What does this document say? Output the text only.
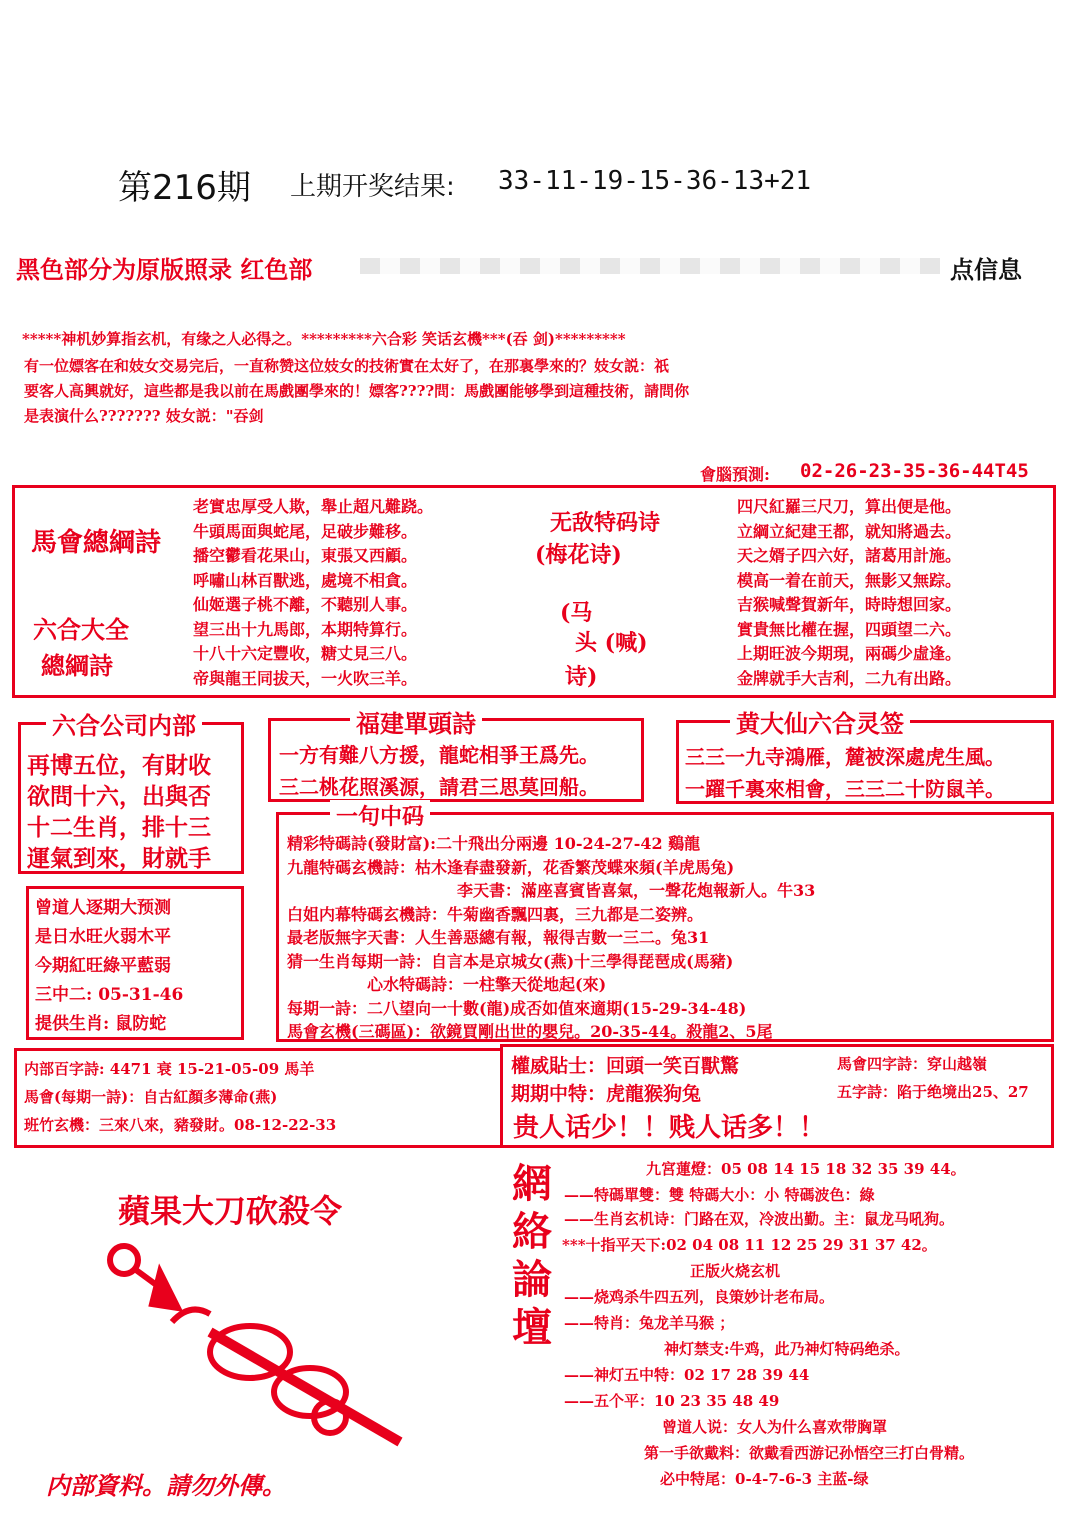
第216期 上期开奖结果: 33-11-19-15-36-13+21
黑色部分为原版照录 红色部	点信息
*****神机妙算指玄机，有缘之人必得之。*********六合彩 笑话玄機***(吞 剑)*********
有一位嫖客在和妓女交易完后，一直称赞这位妓女的技術實在太好了，在那裏學來的？妓女説：祇
要客人高興就好，這些都是我以前在馬戲團學來的！嫖客????問：馬戲團能够學到這種技術，請問你
是表演什么??????? 妓女説："吞剑
會腦預測: 02-26-23-35-36-44T45
馬會總綱詩
六合大全
總綱詩
老實忠厚受人欺，舉止超凡難跷。
牛頭馬面與蛇尾，足破步難移。
播空鬱看花果山，東張又西顧。
呼嘯山林百獸逃，處境不相貪。
仙姬選子桃不離，不聽别人事。
望三出十九馬郎，本期特算行。
十八十六定豐收，糖丈見三八。
帝與龍王同拔天，一火吹三羊。
无敌特码诗
(梅花诗)
(马
头 (喊)
诗)
四尺紅羅三尺刀，算出便是他。
立綱立紀建王都，就知將過去。
天之婿子四六好，諸葛用計施。
模高一着在前天，無影又無踪。
吉猴喊聲賀新年，時時想回家。
實貴無比權在握，四頭望二六。
上期旺波今期現，兩碼少虛逢。
金牌就手大吉利，二九有出路。
再博五位，有財收
欲問十六，出與否
十二生肖，排十三
運氣到來，財就手
六合公司内部
一方有難八方援，龍蛇相爭王爲先。
三二桃花照溪源，請君三思莫回船。
福建單頭詩
三三一九寺鴻雁，麓被深處虎生風。
一躍千裏來相會，三三二十防鼠羊。
黄大仙六合灵签
精彩特碼詩(發財富):二十飛出分兩邊 10-24-27-42 鷄龍
九龍特碼玄機詩：枯木逢春盡發新，花香繁茂蝶來頻(羊虎馬兔)
李天書：滿座喜賓皆喜氣，一聲花炮報新人。牛33
白姐内幕特碼玄機詩：牛菊幽香飄四裏，三九都是二姿辨。
最老版無字天書：人生善惡總有報，報得吉數一三二。兔31
猜一生肖每期一詩：自言本是京城女(燕)十三學得琵琶成(馬豬)
心水特碼詩：一柱擎天從地起(來)
每期一詩：二八望向一十數(龍)成否如值來適期(15-29-34-48)
馬會玄機(三碼區)：欲鏡買剛出世的嬰兒。20-35-44。殺龍2、5尾
一句中码
曾道人逐期大预测
是日水旺火弱木平
今期紅旺綠平藍弱
三中二: 05-31-46
提供生肖: 鼠防蛇
内部百字詩: 4471 衰 15-21-05-09 馬羊
馬會(每期一詩)：自古紅顏多薄命(燕)
班竹玄機：三來八來，豬發財。08-12-22-33
權威貼士：回頭一笑百獸驚	馬會四字詩：穿山越嶺
期期中特：虎龍猴狗兔	五字詩：陷于绝境出25、27
贵人话少！！贱人话多！！
蘋果大刀砍殺令
内部資料。請勿外傳。
網
絡
論
壇
九宮蓮燈：05 08 14 15 18 32 35 39 44。
——特碼單雙：雙 特碼大小：小 特碼波色：綠
——生肖玄机诗：门路在双，冷波出勤。主：鼠龙马吼狗。
***十指平天下:02 04 08 11 12 25 29 31 37 42。
正版火烧玄机
——烧鸡杀牛四五列，良策妙计老布局。
——特肖：兔龙羊马猴 ；
神灯禁支:牛鸡，此乃神灯特码绝杀。
——神灯五中特：02 17 28 39 44
——五个平：10 23 35 48 49
曾道人说：女人为什么喜欢带胸罩
第一手欲戴料：欲戴看西游记孙悟空三打白骨精。
必中特尾：0-4-7-6-3 主蓝-绿
